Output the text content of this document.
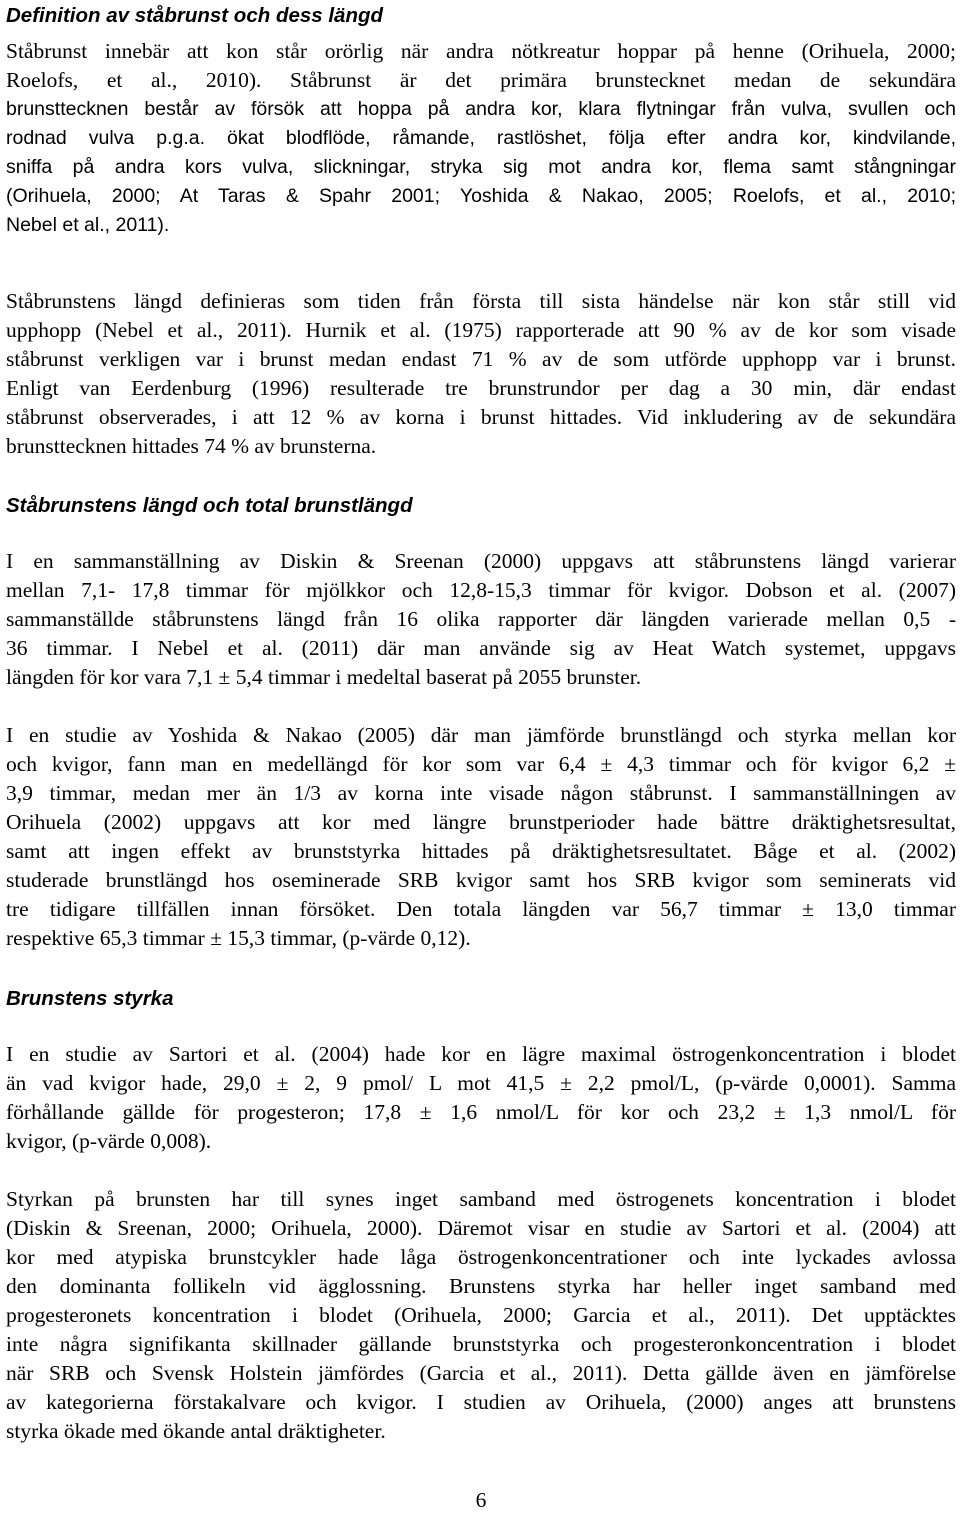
Definition av ståbrunst och dess längd
Ståbrunst innebär att kon står orörlig när andra nötkreatur hoppar på henne (Orihuela, 2000;
Roelofs, et al., 2010). Ståbrunst är det primära brunstecknet medan de sekundära
brunsttecknen består av försök att hoppa på andra kor, klara flytningar från vulva, svullen och
rodnad vulva p.g.a. ökat blodflöde, råmande, rastlöshet, följa efter andra kor, kindvilande,
sniffa på andra kors vulva, slickningar, stryka sig mot andra kor, flema samt stångningar
(Orihuela, 2000; At Taras & Spahr 2001; Yoshida & Nakao, 2005; Roelofs, et al., 2010;
Nebel et al., 2011).
Ståbrunstens längd definieras som tiden från första till sista händelse när kon står still vid
upphopp (Nebel et al., 2011). Hurnik et al. (1975) rapporterade att 90 % av de kor som visade
ståbrunst verkligen var i brunst medan endast 71 % av de som utförde upphopp var i brunst.
Enligt van Eerdenburg (1996) resulterade tre brunstrundor per dag a 30 min, där endast
ståbrunst observerades, i att 12 % av korna i brunst hittades. Vid inkludering av de sekundära
brunsttecknen hittades 74 % av brunsterna.
Ståbrunstens längd och total brunstlängd
I en sammanställning av Diskin & Sreenan (2000) uppgavs att ståbrunstens längd varierar
mellan 7,1- 17,8 timmar för mjölkkor och 12,8-15,3 timmar för kvigor. Dobson et al. (2007)
sammanställde ståbrunstens längd från 16 olika rapporter där längden varierade mellan 0,5 -
36 timmar. I Nebel et al. (2011) där man använde sig av Heat Watch systemet, uppgavs
längden för kor vara 7,1 ± 5,4 timmar i medeltal baserat på 2055 brunster.
I en studie av Yoshida & Nakao (2005) där man jämförde brunstlängd och styrka mellan kor
och kvigor, fann man en medellängd för kor som var 6,4 ± 4,3 timmar och för kvigor 6,2 ±
3,9 timmar, medan mer än 1/3 av korna inte visade någon ståbrunst. I sammanställningen av
Orihuela (2002) uppgavs att kor med längre brunstperioder hade bättre dräktighetsresultat,
samt att ingen effekt av brunststyrka hittades på dräktighetsresultatet. Båge et al. (2002)
studerade brunstlängd hos oseminerade SRB kvigor samt hos SRB kvigor som seminerats vid
tre tidigare tillfällen innan försöket. Den totala längden var 56,7 timmar ± 13,0 timmar
respektive 65,3 timmar ± 15,3 timmar, (p-värde 0,12).
Brunstens styrka
I en studie av Sartori et al. (2004) hade kor en lägre maximal östrogenkoncentration i blodet
än vad kvigor hade, 29,0 ± 2, 9 pmol/ L mot 41,5 ± 2,2 pmol/L, (p-värde 0,0001). Samma
förhållande gällde för progesteron; 17,8 ± 1,6 nmol/L för kor och 23,2 ± 1,3 nmol/L för
kvigor, (p-värde 0,008).
Styrkan på brunsten har till synes inget samband med östrogenets koncentration i blodet
(Diskin & Sreenan, 2000; Orihuela, 2000). Däremot visar en studie av Sartori et al. (2004) att
kor med atypiska brunstcykler hade låga östrogenkoncentrationer och inte lyckades avlossa
den dominanta follikeln vid ägglossning. Brunstens styrka har heller inget samband med
progesteronets koncentration i blodet (Orihuela, 2000; Garcia et al., 2011). Det upptäcktes
inte några signifikanta skillnader gällande brunststyrka och progesteronkoncentration i blodet
när SRB och Svensk Holstein jämfördes (Garcia et al., 2011). Detta gällde även en jämförelse
av kategorierna förstakalvare och kvigor. I studien av Orihuela, (2000) anges att brunstens
styrka ökade med ökande antal dräktigheter.
6
